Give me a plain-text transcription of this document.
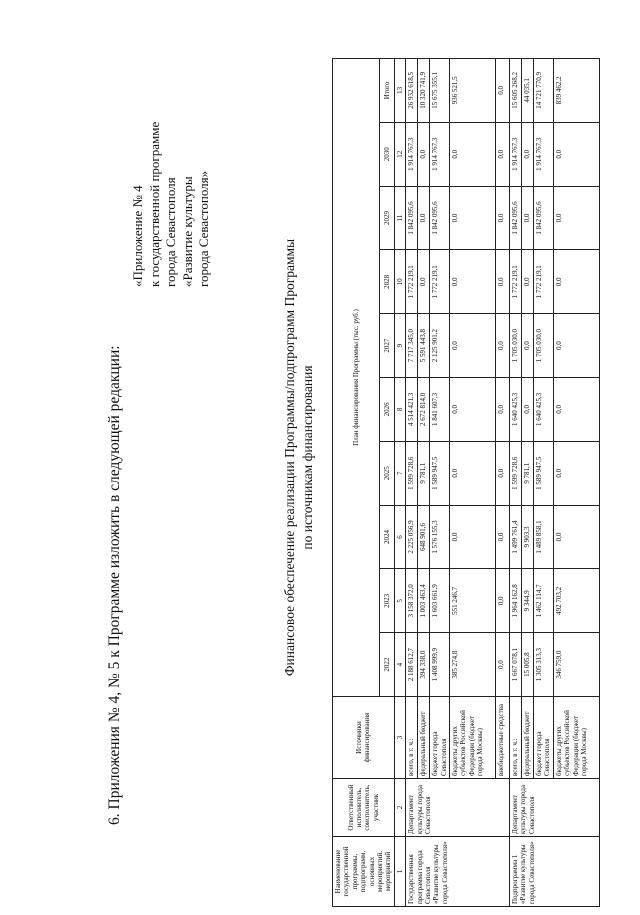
6. Приложения № 4, № 5 к Программе изложить в следующей редакции:
«Приложение № 4 к государственной программе города Севастополя «Развитие культуры города Севастополя»
Финансовое обеспечение реализации Программы/подпрограмм Программы по источникам финансирования
Наименование государственной программы, подпрограмм, основных мероприятий, мероприятий	Ответственный исполнитель, соисполнитель, участник	Источники финансирования	План финансирования Программы (тыс. руб.)									
			2022	2023	2024	2025	2026	2027	2028	2029	2030	Итого
1	2	3	4	5	6	7	8	9	10	11	12	13
Государственная программа города Севастополя «Развитие культуры города Севастополя»	Департамент культуры города Севастополя	всего, в т. ч.:	2 188 612,7	3 158 372,0	2 225 056,9	1 599 728,6	4 514 421,3	7 717 345,0	1 772 219,1	1 842 095,6	1 914 767,3	26 932 618,5
		федеральный бюджет	394 338,0	1 003 463,4	648 901,6	9 781,1	2 672 814,0	5 591 443,8	0,0	0,0	0,0	10 320 741,9
		бюджет города Севастополя	1 408 999,9	1 603 661,9	1 576 155,3	1 589 947,5	1 841 607,3	2 125 901,2	1 772 219,1	1 842 095,6	1 914 767,3	15 675 355,1
		бюджеты других субъектов Российской Федерации (бюджет города Москвы)	385 274,8	551 246,7	0,0	0,0	0,0	0,0	0,0	0,0	0,0	936 521,5
		внебюджетные средства	0,0	0,0	0,0	0,0	0,0	0,0	0,0	0,0	0,0	0,0
Подпрограмма 1 «Развитие культуры города Севастополя»	Департамент культуры города Севастополя	всего, в т. ч.:	1 667 078,1	1 964 162,8	1 499 761,4	1 599 728,6	1 640 425,3	1 705 030,0	1 772 219,1	1 842 095,6	1 914 767,3	15 605 268,2
		федеральный бюджет	15 005,8	9 344,9	9 903,3	9 781,1	0,0	0,0	0,0	0,0	0,0	44 035,1
		бюджет города Севастополя	1 305 313,3	1 462 114,7	1 489 858,1	1 589 947,5	1 640 425,3	1 705 030,0	1 772 219,1	1 842 095,6	1 914 767,3	14 721 770,9
		бюджеты других субъектов Российской Федерации (бюджет города Москвы)	346 759,0	492 703,2	0,0	0,0	0,0	0,0	0,0	0,0	0,0	839 462,2
